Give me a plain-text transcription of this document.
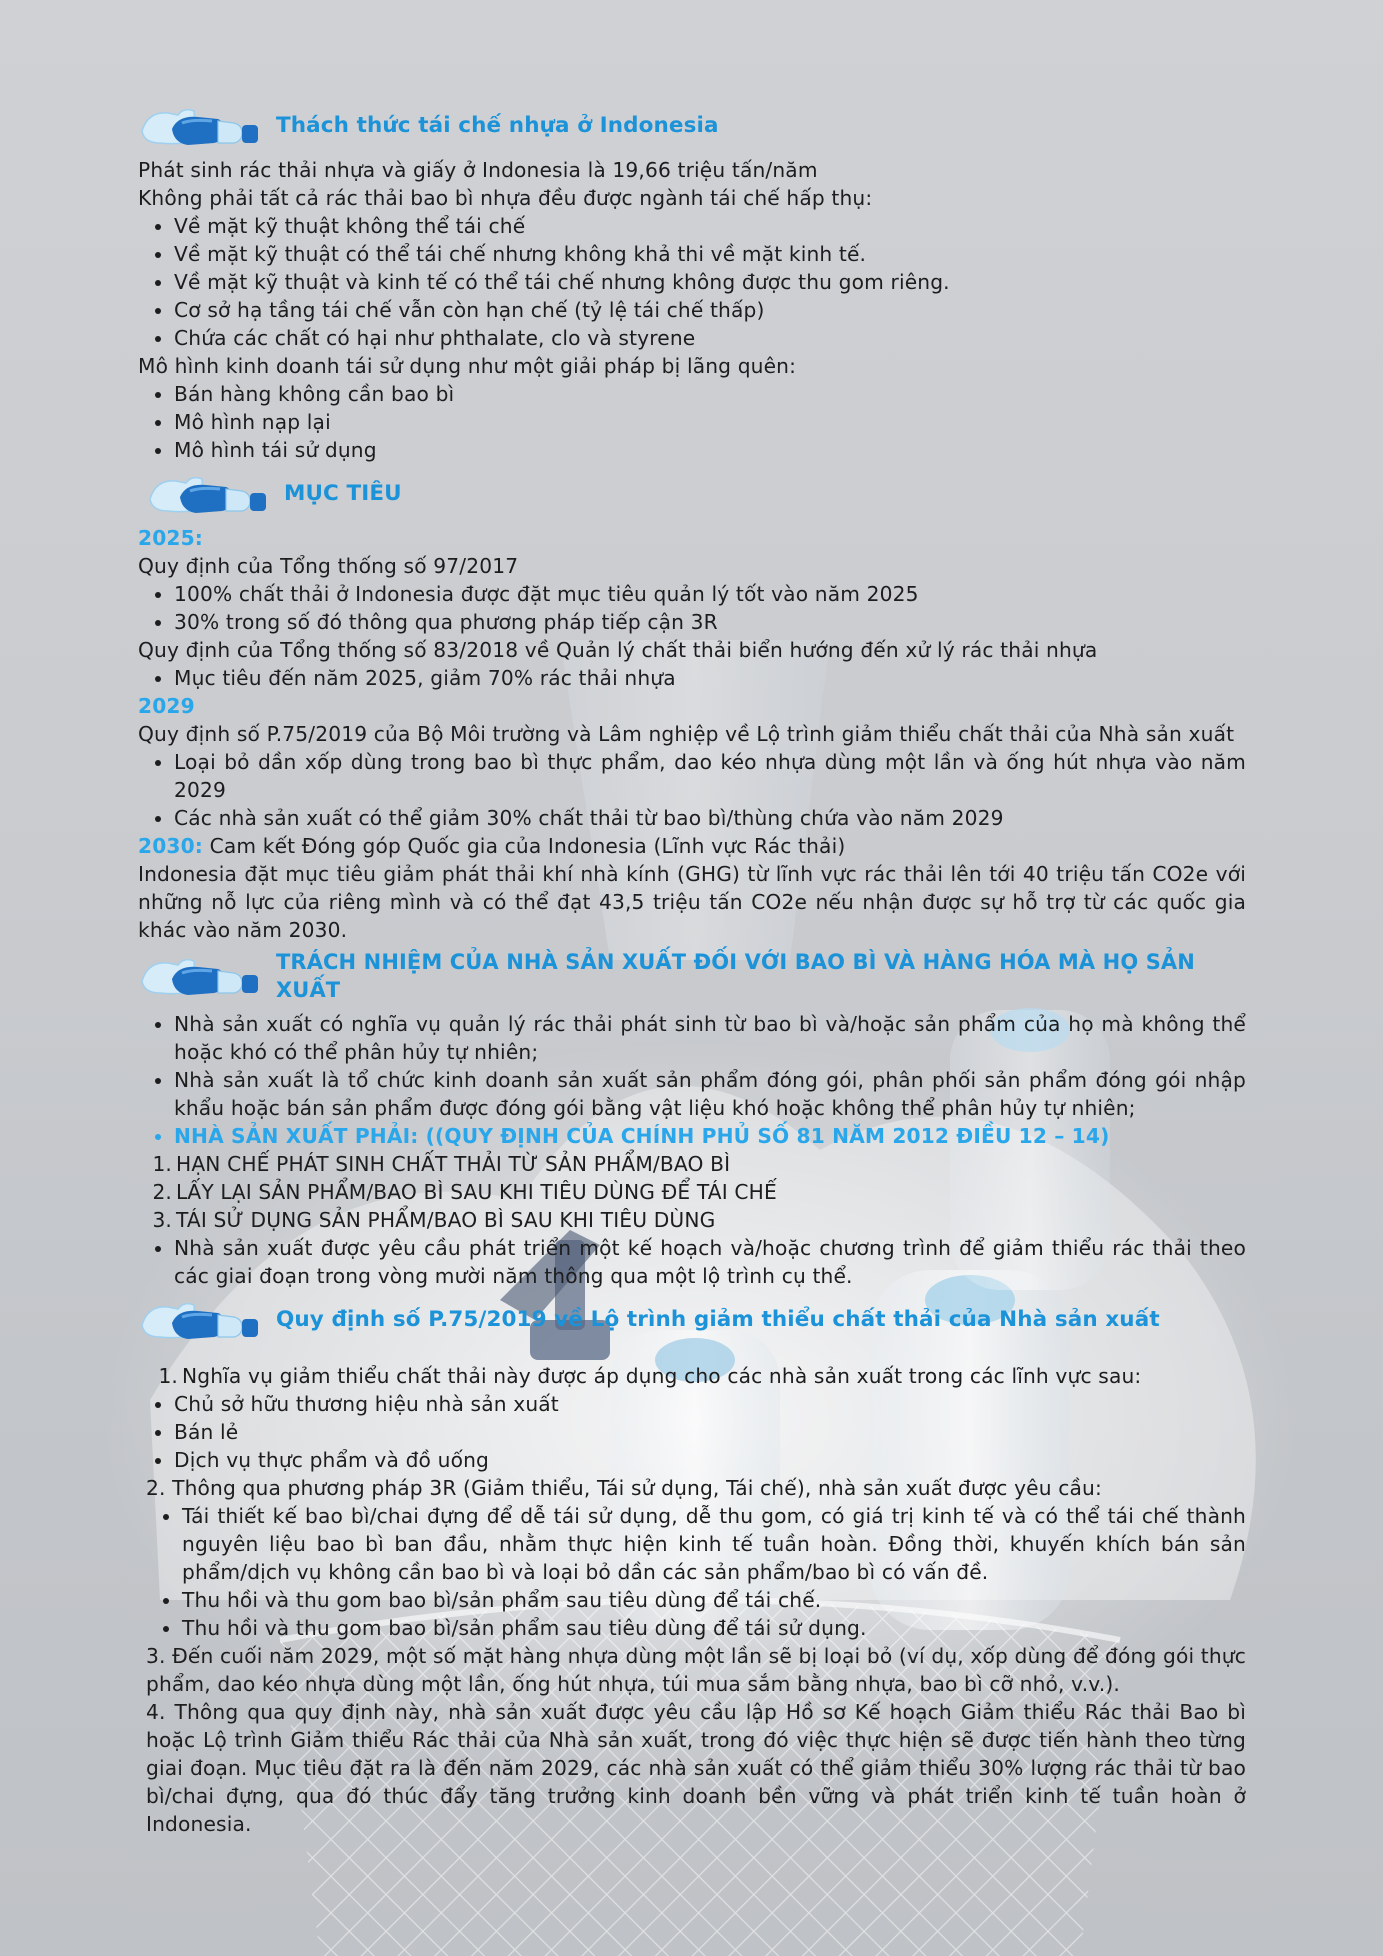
Thách thức tái chế nhựa ở Indonesia

Phát sinh rác thải nhựa và giấy ở Indonesia là 19,66 triệu tấn/năm

Không phải tất cả rác thải bao bì nhựa đều được ngành tái chế hấp thụ:

• Về mặt kỹ thuật không thể tái chế
• Về mặt kỹ thuật có thể tái chế nhưng không khả thi về mặt kinh tế.
• Về mặt kỹ thuật và kinh tế có thể tái chế nhưng không được thu gom riêng.
• Cơ sở hạ tầng tái chế vẫn còn hạn chế (tỷ lệ tái chế thấp)
• Chứa các chất có hại như phthalate, clo và styrene

Mô hình kinh doanh tái sử dụng như một giải pháp bị lãng quên:

• Bán hàng không cần bao bì
• Mô hình nạp lại
• Mô hình tái sử dụng
MỤC TIÊU

2025:

Quy định của Tổng thống số 97/2017

• 100% chất thải ở Indonesia được đặt mục tiêu quản lý tốt vào năm 2025
• 30% trong số đó thông qua phương pháp tiếp cận 3R

Quy định của Tổng thống số 83/2018 về Quản lý chất thải biển hướng đến xử lý rác thải nhựa

• Mục tiêu đến năm 2025, giảm 70% rác thải nhựa

2029

Quy định số P.75/2019 của Bộ Môi trường và Lâm nghiệp về Lộ trình giảm thiểu chất thải của Nhà sản xuất

• Loại bỏ dần xốp dùng trong bao bì thực phẩm, dao kéo nhựa dùng một lần và ống hút nhựa vào năm 2029
• Các nhà sản xuất có thể giảm 30% chất thải từ bao bì/thùng chứa vào năm 2029

2030: Cam kết Đóng góp Quốc gia của Indonesia (Lĩnh vực Rác thải)

Indonesia đặt mục tiêu giảm phát thải khí nhà kính (GHG) từ lĩnh vực rác thải lên tới 40 triệu tấn CO2e với những nỗ lực của riêng mình và có thể đạt 43,5 triệu tấn CO2e nếu nhận được sự hỗ trợ từ các quốc gia khác vào năm 2030.

TRÁCH NHIỆM CỦA NHÀ SẢN XUẤT ĐỐI VỚI BAO BÌ VÀ HÀNG HÓA MÀ HỌ SẢN XUẤT
• Nhà sản xuất có nghĩa vụ quản lý rác thải phát sinh từ bao bì và/hoặc sản phẩm của họ mà không thể hoặc khó có thể phân hủy tự nhiên;
• Nhà sản xuất là tổ chức kinh doanh sản xuất sản phẩm đóng gói, phân phối sản phẩm đóng gói nhập khẩu hoặc bán sản phẩm được đóng gói bằng vật liệu khó hoặc không thể phân hủy tự nhiên;
• NHÀ SẢN XUẤT PHẢI: ((QUY ĐỊNH CỦA CHÍNH PHỦ SỐ 81 NĂM 2012 ĐIỀU 12 – 14)
1. HẠN CHẾ PHÁT SINH CHẤT THẢI TỪ SẢN PHẨM/BAO BÌ
2. LẤY LẠI SẢN PHẨM/BAO BÌ SAU KHI TIÊU DÙNG ĐỂ TÁI CHẾ
3. TÁI SỬ DỤNG SẢN PHẨM/BAO BÌ SAU KHI TIÊU DÙNG
• Nhà sản xuất được yêu cầu phát triển một kế hoạch và/hoặc chương trình để giảm thiểu rác thải theo các giai đoạn trong vòng mười năm thông qua một lộ trình cụ thể.
Quy định số P.75/2019 về Lộ trình giảm thiểu chất thải của Nhà sản xuất
1. Nghĩa vụ giảm thiểu chất thải này được áp dụng cho các nhà sản xuất trong các lĩnh vực sau:
• Chủ sở hữu thương hiệu nhà sản xuất
• Bán lẻ
• Dịch vụ thực phẩm và đồ uống

2. Thông qua phương pháp 3R (Giảm thiểu, Tái sử dụng, Tái chế), nhà sản xuất được yêu cầu:

• Tái thiết kế bao bì/chai đựng để dễ tái sử dụng, dễ thu gom, có giá trị kinh tế và có thể tái chế thành nguyên liệu bao bì ban đầu, nhằm thực hiện kinh tế tuần hoàn. Đồng thời, khuyến khích bán sản phẩm/dịch vụ không cần bao bì và loại bỏ dần các sản phẩm/bao bì có vấn đề.
• Thu hồi và thu gom bao bì/sản phẩm sau tiêu dùng để tái chế.
• Thu hồi và thu gom bao bì/sản phẩm sau tiêu dùng để tái sử dụng.

3. Đến cuối năm 2029, một số mặt hàng nhựa dùng một lần sẽ bị loại bỏ (ví dụ, xốp dùng để đóng gói thực phẩm, dao kéo nhựa dùng một lần, ống hút nhựa, túi mua sắm bằng nhựa, bao bì cỡ nhỏ, v.v.).

4. Thông qua quy định này, nhà sản xuất được yêu cầu lập Hồ sơ Kế hoạch Giảm thiểu Rác thải Bao bì hoặc Lộ trình Giảm thiểu Rác thải của Nhà sản xuất, trong đó việc thực hiện sẽ được tiến hành theo từng giai đoạn. Mục tiêu đặt ra là đến năm 2029, các nhà sản xuất có thể giảm thiểu 30% lượng rác thải từ bao bì/chai đựng, qua đó thúc đẩy tăng trưởng kinh doanh bền vững và phát triển kinh tế tuần hoàn ở Indonesia.
